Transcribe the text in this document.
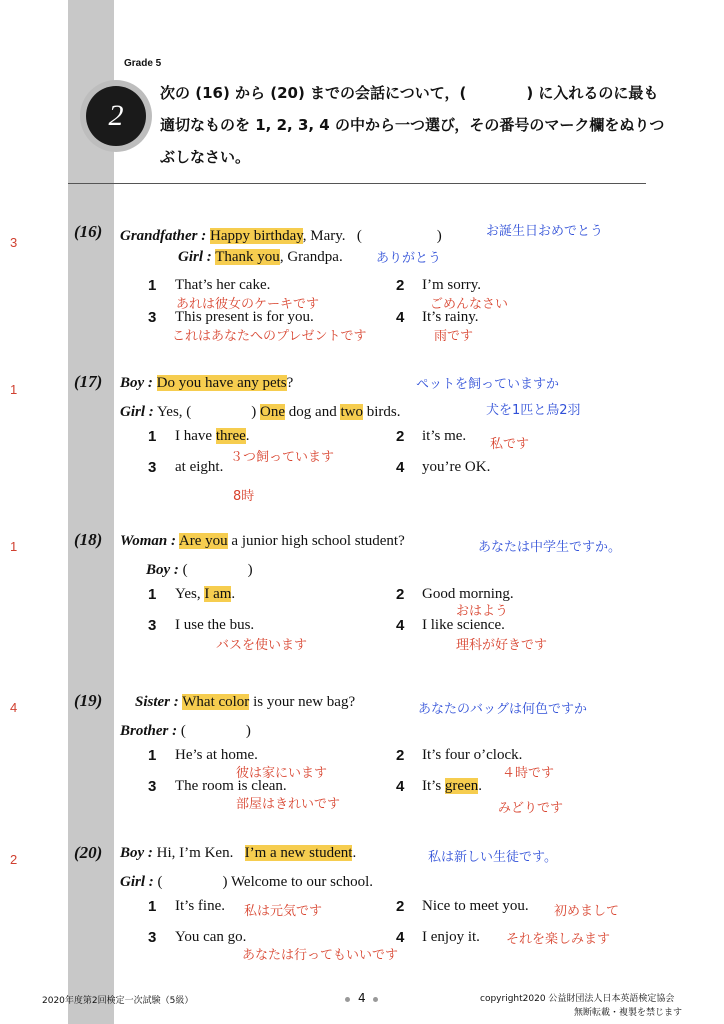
Grade 5
2
次の (16) から (20) までの会話について，(　　　　) に入れるのに最も
適切なものを 1, 2, 3, 4 の中から一つ選び，その番号のマーク欄をぬりつ
ぶしなさい。
3
(16) Grandfather : Happy birthday, Mary. (　　　　　)	お誕生日おめでとう
Girl : Thank you, Grandpa.	ありがとう
1 That’s her cake.
あれは彼女のケーキです
2 I’m sorry.
ごめんなさい
3 This present is for you.
これはあなたへのプレゼントです
4 It’s rainy.
雨です
1	(17) Boy : Do you have any pets?	ペットを飼っていますか
Girl : Yes, (　　　　) One dog and two birds.	犬を1匹と鳥2羽
1 I have three.
３つ飼っています
2 it’s me.
私です
3 at eight.
8時
4 you’re OK.
1	(18) Woman : Are you a junior high school student?	あなたは中学生ですか。
Boy : (　　　　)
1 Yes, I am.	2 Good morning.
おはよう
3 I use the bus.
バスを使います
4 I like science.
理科が好きです
4	(19) Sister : What color is your new bag?	あなたのバッグは何色ですか
Brother : (　　　　)
1 He’s at home.
彼は家にいます
2 It’s four o’clock.
４時です
3 The room is clean.
部屋はきれいです
4 It’s green.
みどりです
2	(20) Boy : Hi, I’m Ken. I’m a new student.	私は新しい生徒です。
Girl : (　　　　) Welcome to our school.
1 It’s fine. 私は元気です	2 Nice to meet you. 初めまして
3 You can go.
あなたは行ってもいいです
4 I enjoy it. それを楽しみます
2020年度第2回検定一次試験（5級）	4	copyright2020 公益財団法人日本英語検定協会
無断転載・複製を禁じます
